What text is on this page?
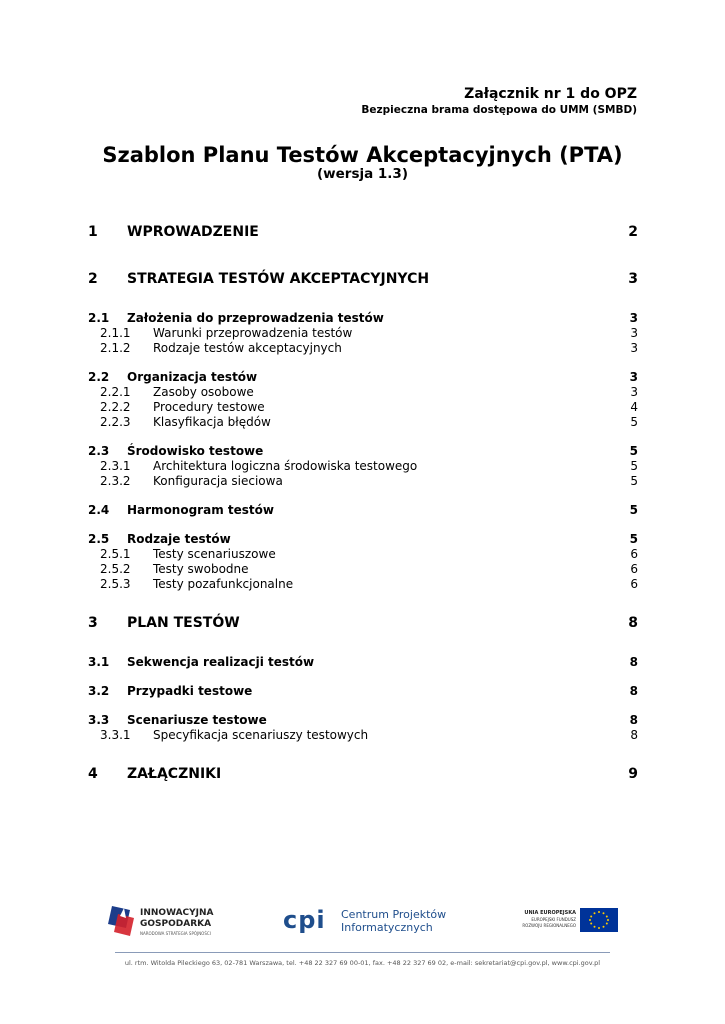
Załącznik nr 1 do OPZ
Bezpieczna brama dostępowa do UMM (SMBD)
Szablon Planu Testów Akceptacyjnych (PTA)
(wersja 1.3)
1 WPROWADZENIE	2
2 STRATEGIA TESTÓW AKCEPTACYJNYCH	3
2.1 Założenia do przeprowadzenia testów	3
2.1.1 Warunki przeprowadzenia testów	3
2.1.2 Rodzaje testów akceptacyjnych	3
2.2 Organizacja testów	3
2.2.1 Zasoby osobowe	3
2.2.2 Procedury testowe	4
2.2.3 Klasyfikacja błędów	5
2.3 Środowisko testowe	5
2.3.1 Architektura logiczna środowiska testowego	5
2.3.2 Konfiguracja sieciowa	5
2.4 Harmonogram testów	5
2.5 Rodzaje testów	5
2.5.1 Testy scenariuszowe	6
2.5.2 Testy swobodne	6
2.5.3 Testy pozafunkcjonalne	6
3 PLAN TESTÓW	8
3.1 Sekwencja realizacji testów	8
3.2 Przypadki testowe	8
3.3 Scenariusze testowe	8
3.3.1 Specyfikacja scenariuszy testowych	8
4 ZAŁĄCZNIKI	9
INNOWACYJNA
GOSPODARKA
NARODOWA STRATEGIA SPÓJNOŚCI	cpi Centrum Projektów
Informatycznych
UNIA EUROPEJSKA
EUROPEJSKI FUNDUSZ
ROZWOJU REGIONALNEGO
ul. rtm. Witolda Pileckiego 63, 02-781 Warszawa, tel. +48 22 327 69 00-01, fax. +48 22 327 69 02, e-mail: sekretariat@cpi.gov.pl, www.cpi.gov.pl
